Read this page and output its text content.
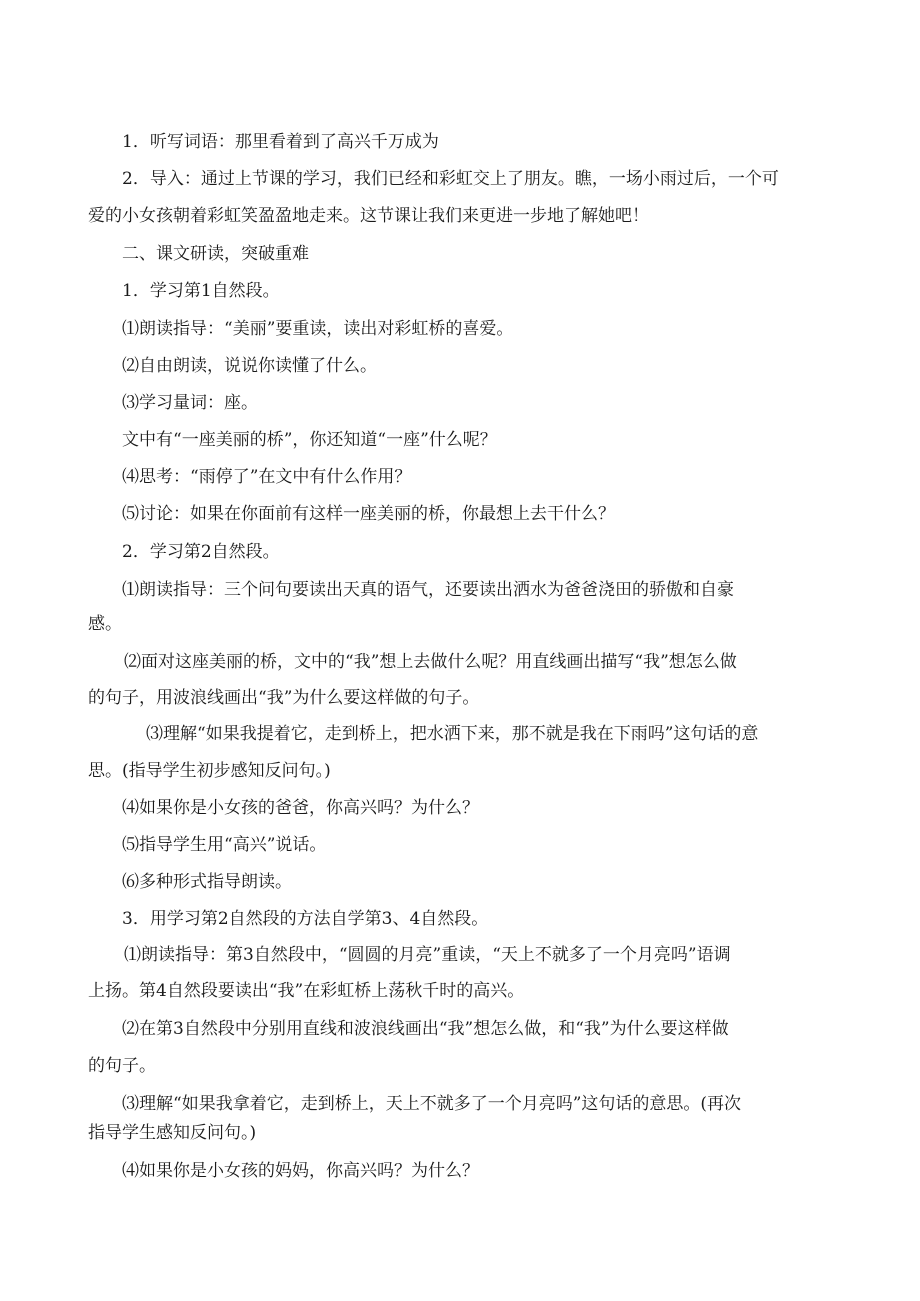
1．听写词语：那里看着到了高兴千万成为
2．导入：通过上节课的学习，我们已经和彩虹交上了朋友。瞧，一场小雨过后，一个可
爱的小女孩朝着彩虹笑盈盈地走来。这节课让我们来更进一步地了解她吧！
二、课文研读，突破重难
1．学习第1自然段。
⑴朗读指导：“美丽”要重读，读出对彩虹桥的喜爱。
⑵自由朗读，说说你读懂了什么。
⑶学习量词：座。
文中有“一座美丽的桥”，你还知道“一座”什么呢？
⑷思考：“雨停了”在文中有什么作用？
⑸讨论：如果在你面前有这样一座美丽的桥，你最想上去干什么？
2．学习第2自然段。
⑴朗读指导：三个问句要读出天真的语气，还要读出洒水为爸爸浇田的骄傲和自豪
感。
⑵面对这座美丽的桥，文中的“我”想上去做什么呢？用直线画出描写“我”想怎么做
的句子，用波浪线画出“我”为什么要这样做的句子。
⑶理解“如果我提着它，走到桥上，把水洒下来，那不就是我在下雨吗”这句话的意
思。(指导学生初步感知反问句。)
⑷如果你是小女孩的爸爸，你高兴吗？为什么？
⑸指导学生用“高兴”说话。
⑹多种形式指导朗读。
3．用学习第2自然段的方法自学第3、4自然段。
⑴朗读指导：第3自然段中，“圆圆的月亮”重读，“天上不就多了一个月亮吗”语调
上扬。第4自然段要读出“我”在彩虹桥上荡秋千时的高兴。
⑵在第3自然段中分别用直线和波浪线画出“我”想怎么做，和“我”为什么要这样做
的句子。
⑶理解“如果我拿着它，走到桥上，天上不就多了一个月亮吗”这句话的意思。(再次
指导学生感知反问句。)
⑷如果你是小女孩的妈妈，你高兴吗？为什么？
